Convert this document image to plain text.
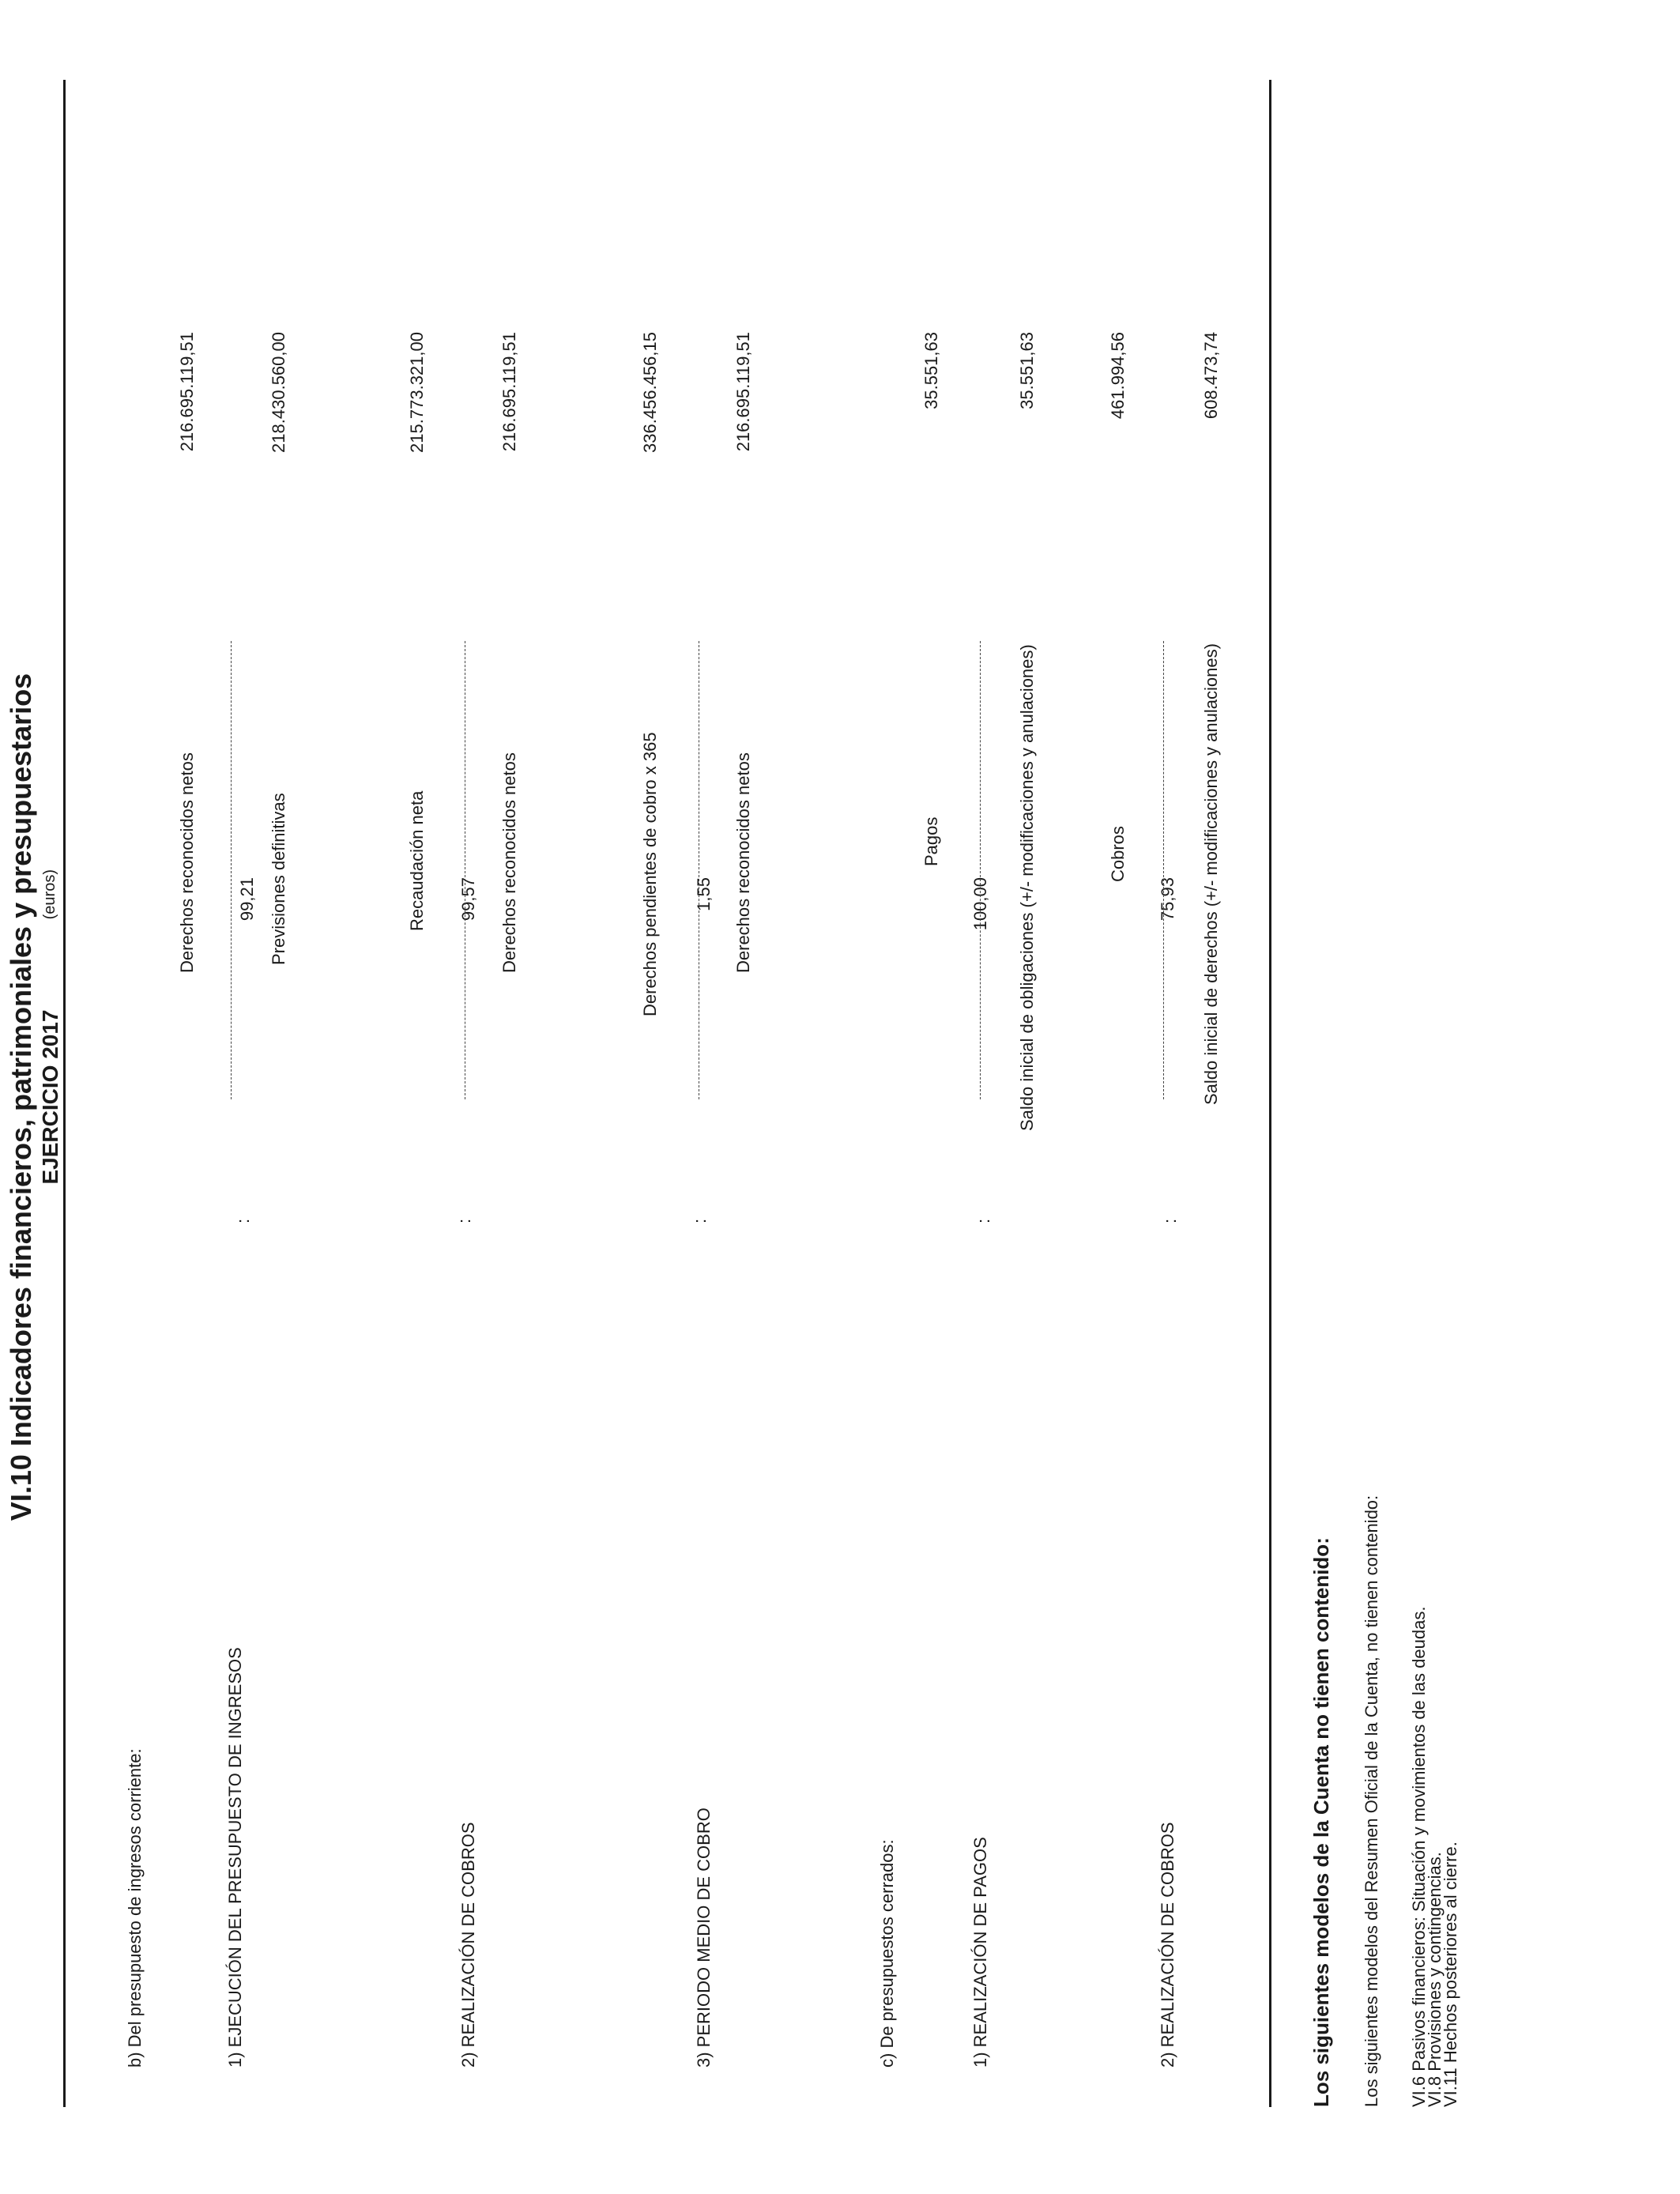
VI.10 Indicadores financieros, patrimoniales y presupuestarios EJERCICIO 2017
(euros)
b) Del presupuesto de ingresos corriente:	1) EJECUCIÓN DEL PRESUPUESTO DE INGRESOS
99,21
:
Derechos reconocidos netos	Previsiones definitivas
216.695.119,51	218.430.560,00
2) REALIZACIÓN DE COBROS
99,57
:
Recaudación neta	Derechos reconocidos netos
215.773.321,00	216.695.119,51
3) PERIODO MEDIO DE COBRO
1,55
:
Derechos pendientes de cobro x 365	Derechos reconocidos netos
336.456.456,15	216.695.119,51
c) De presupuestos cerrados:	1) REALIZACIÓN DE PAGOS
100,00
:
Pagos	Saldo inicial de obligaciones (+/- modificaciones y anulaciones)
35.551,63	35.551,63
2) REALIZACIÓN DE COBROS
75,93
:
Cobros	Saldo inicial de derechos (+/- modificaciones y anulaciones)
461.994,56	608.473,74
Los siguientes modelos de la Cuenta no tienen contenido: Los siguientes modelos del Resumen Oficial de la Cuenta, no tienen contenido: VI.6 Pasivos financieros: Situación y movimientos de las deudas.
VI.8 Provisiones y contingencias.
VI.11 Hechos posteriores al cierre.
